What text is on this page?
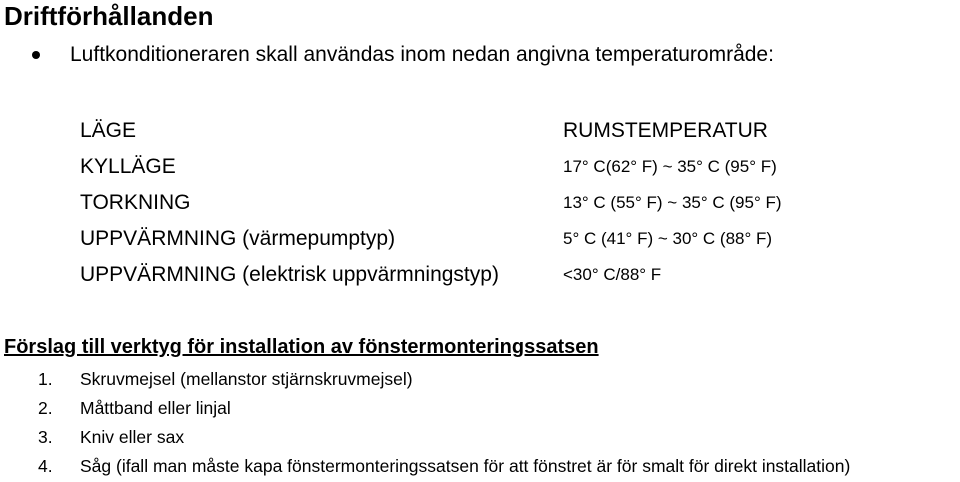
Driftförhållanden
Luftkonditioneraren skall användas inom nedan angivna temperaturområde:
LÄGE	RUMSTEMPERATUR
KYLLÄGE	17° C(62° F) ~ 35° C (95° F)
TORKNING	13° C (55° F) ~ 35° C (95° F)
UPPVÄRMNING (värmepumptyp)	5° C (41° F) ~ 30° C (88° F)
UPPVÄRMNING (elektrisk uppvärmningstyp)	<30° C/88° F
Förslag till verktyg för installation av fönstermonteringssatsen
1. Skruvmejsel (mellanstor stjärnskruvmejsel)
2. Måttband eller linjal
3. Kniv eller sax
4. Såg (ifall man måste kapa fönstermonteringssatsen för att fönstret är för smalt för direkt installation)
